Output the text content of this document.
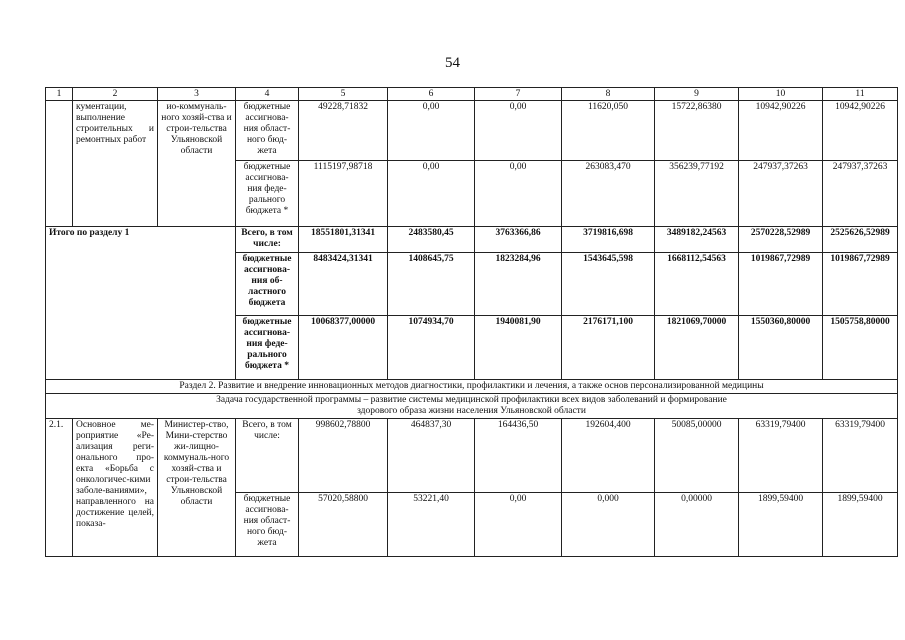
54
1	2	3	4	5	6	7	8	9	10	11
	кументации, выполнение строительных и ремонтных работ	ио-коммуналь-ного хозяй-ства и строи-тельства Ульяновской области	бюджетные ассигнова-ния област-ного бюд-жета	49228,71832	0,00	0,00	11620,050	15722,86380	10942,90226	10942,90226
			бюджетные ассигнова-ния феде-рального бюджета *	1115197,98718	0,00	0,00	263083,470	356239,77192	247937,37263	247937,37263
Итого по разделу 1			Всего, в том числе:	18551801,31341	2483580,45	3763366,86	3719816,698	3489182,24563	2570228,52989	2525626,52989
			бюджетные ассигнова-ния об-ластного бюджета	8483424,31341	1408645,75	1823284,96	1543645,598	1668112,54563	1019867,72989	1019867,72989
			бюджетные ассигнова-ния феде-рального бюджета *	10068377,00000	1074934,70	1940081,90	2176171,100	1821069,70000	1550360,80000	1505758,80000
Раздел 2. Развитие и внедрение инновационных методов диагностики, профилактики и лечения, а также основ персонализированной медицины										
Задача государственной программы – развитие системы медицинской профилактики всех видов заболеваний и формирование здорового образа жизни населения Ульяновской области										
2.1.	Основное ме-роприятие «Ре-ализация реги-онального про-екта «Борьба с онкологичес-кими заболе-ваниями», направленного на достижение целей, показа-	Министер-ство, Мини-стерство жи-лищно-коммуналь-ного хозяй-ства и строи-тельства Ульяновской области	Всего, в том числе:	998602,78800	464837,30	164436,50	192604,400	50085,00000	63319,79400	63319,79400
			бюджетные ассигнова-ния област-ного бюд-жета	57020,58800	53221,40	0,00	0,000	0,00000	1899,59400	1899,59400
